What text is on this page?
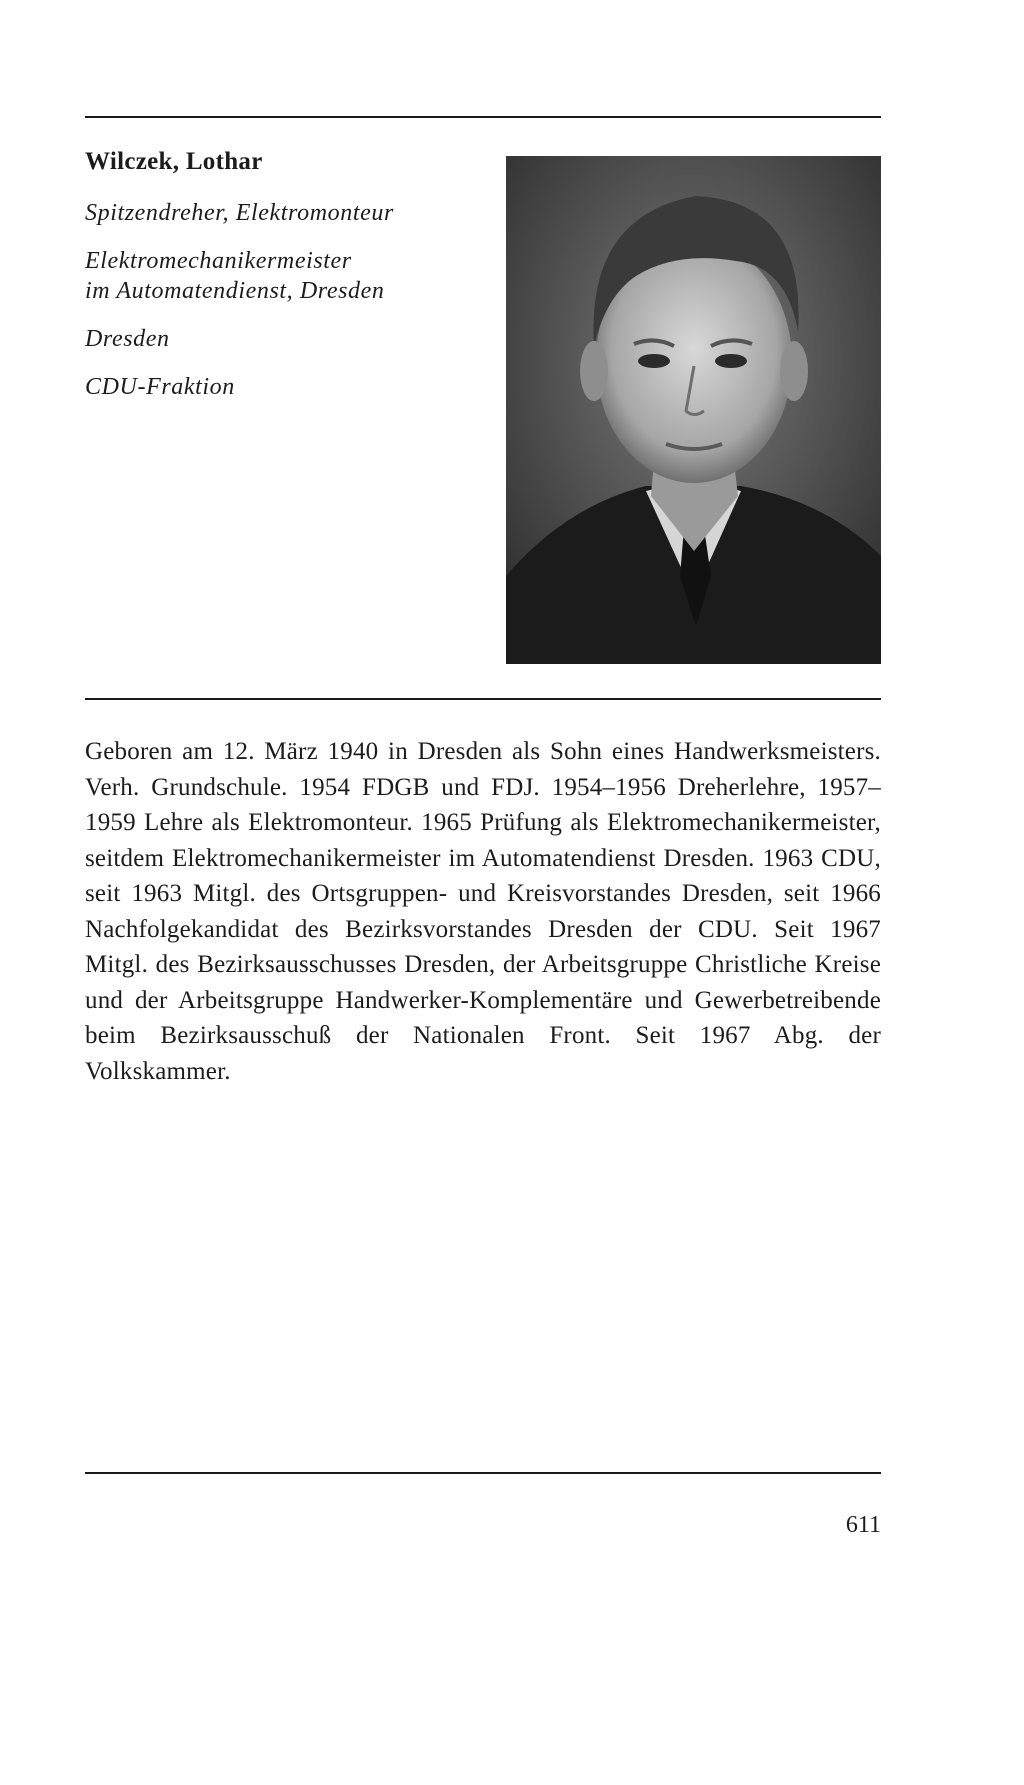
Wilczek, Lothar

Spitzendreher, Elektromonteur

Elektromechanikermeister

im Automatendienst, Dresden

Dresden

CDU-Fraktion

Geboren am 12. März 1940 in Dresden als Sohn eines Handwerksmeisters. Verh. Grundschule. 1954 FDGB und FDJ. 1954–1956 Dreherlehre, 1957–1959 Lehre als Elektromonteur. 1965 Prüfung als Elektromechanikermeister, seitdem Elektromechanikermeister im Automatendienst Dresden. 1963 CDU, seit 1963 Mitgl. des Ortsgruppen- und Kreisvorstandes Dresden, seit 1966 Nachfolgekandidat des Bezirksvorstandes Dresden der CDU. Seit 1967 Mitgl. des Bezirksausschusses Dresden, der Arbeitsgruppe Christliche Kreise und der Arbeitsgruppe Handwerker-Komplementäre und Gewerbetreibende beim Bezirksausschuß der Nationalen Front. Seit 1967 Abg. der Volkskammer.

611
